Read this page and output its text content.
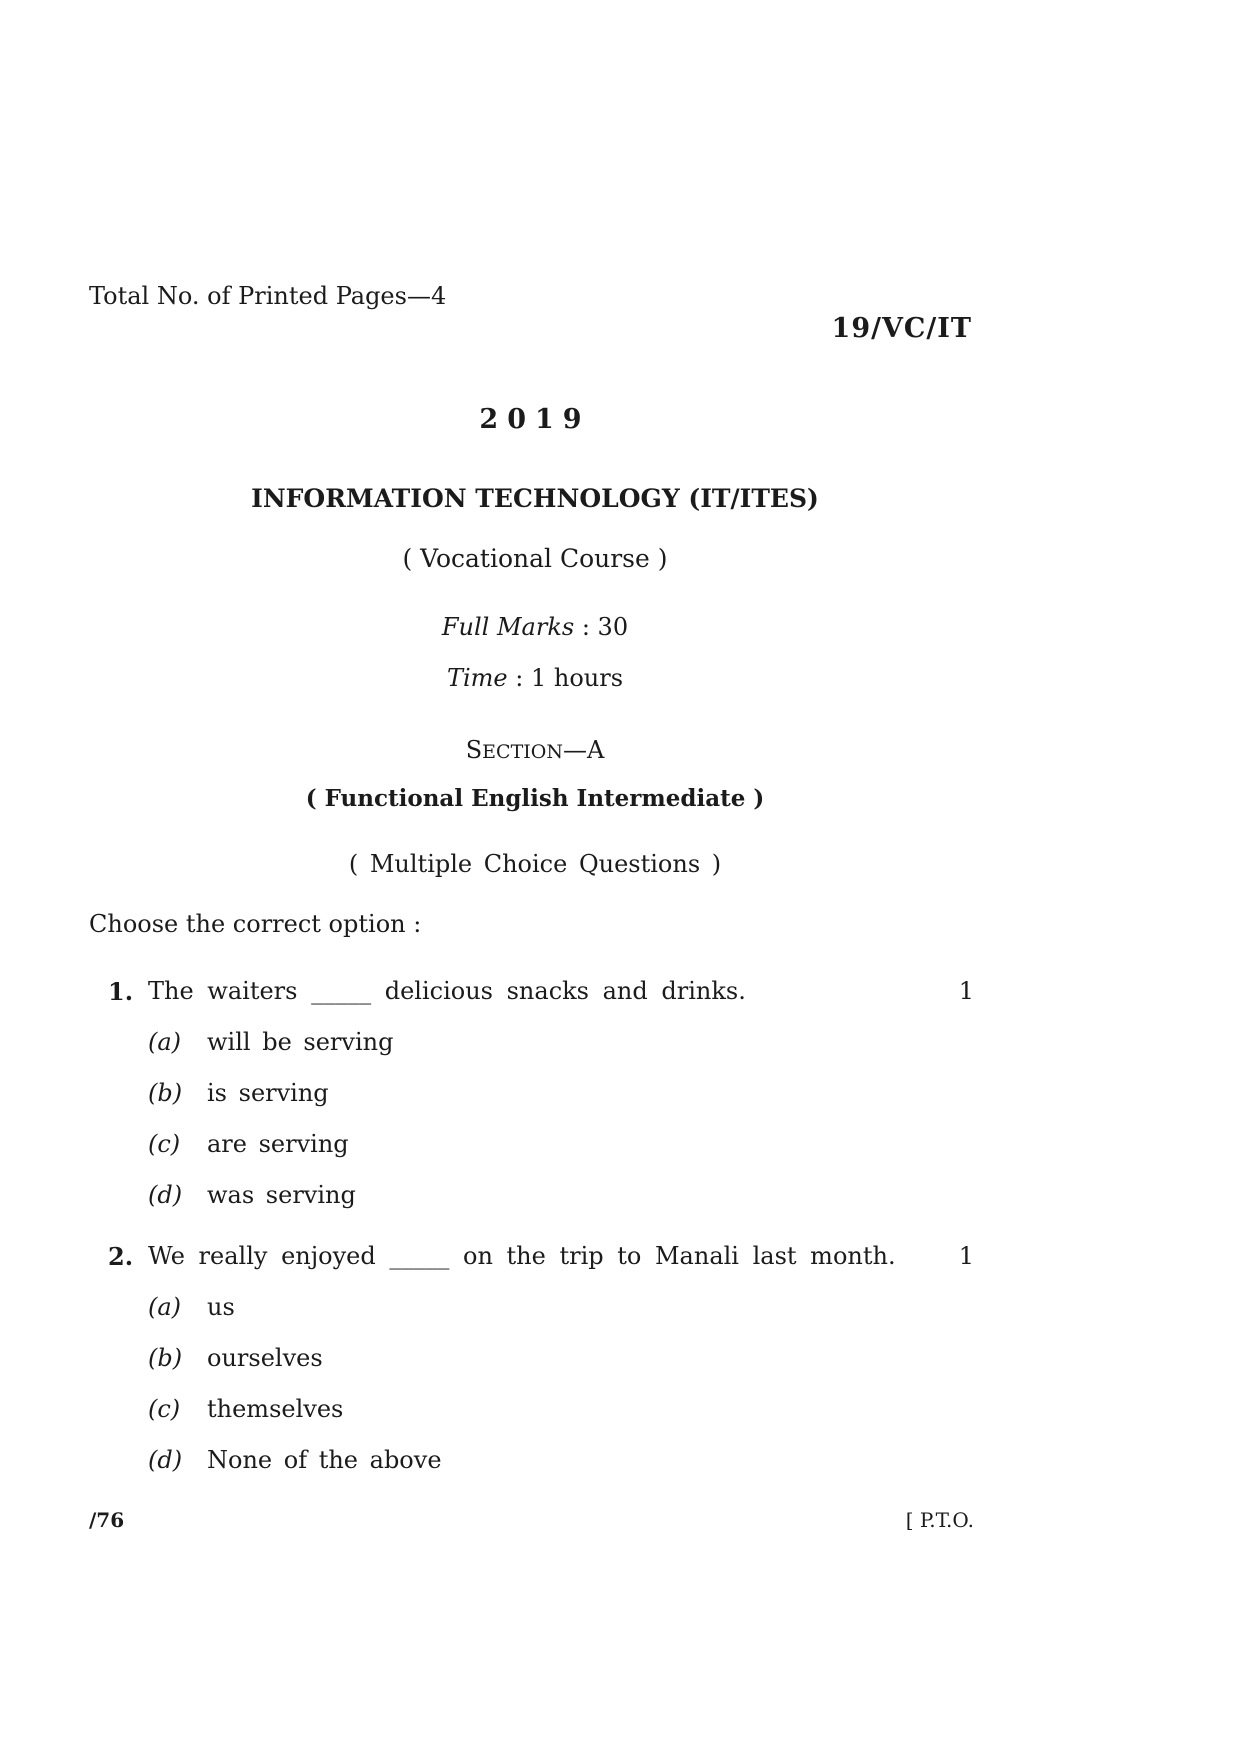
Total No. of Printed Pages—4
19/VC/IT
2019
INFORMATION TECHNOLOGY (IT/ITES)
( Vocational Course )
Full Marks : 30
Time : 1 hours
SECTION—A
( Functional English Intermediate )
( Multiple Choice Questions )
Choose the correct option :
1. The waiters _____ delicious snacks and drinks.	1
(a) will be serving
(b) is serving
(c) are serving
(d) was serving
2. We really enjoyed _____ on the trip to Manali last month.	1
(a) us
(b) ourselves
(c) themselves
(d) None of the above
/76	[ P.T.O.
